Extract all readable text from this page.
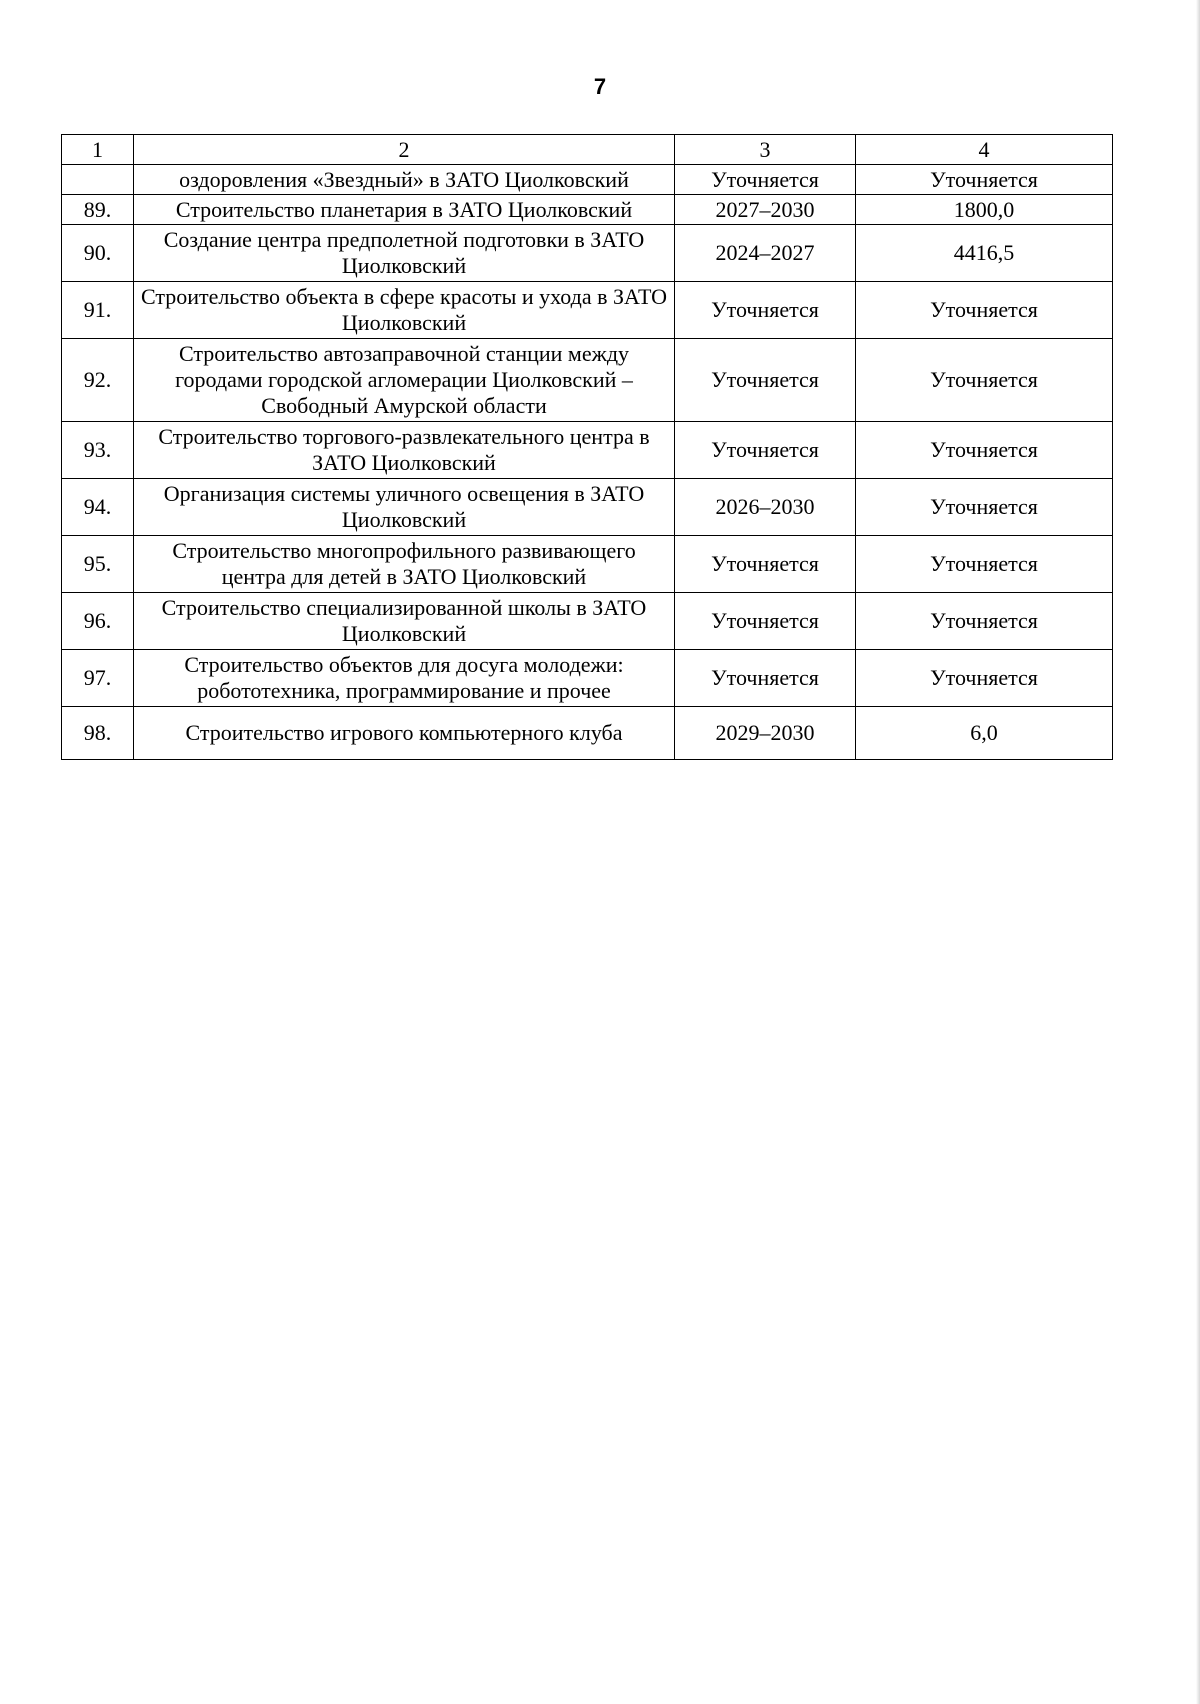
7
1	2	3	4
	оздоровления «Звездный» в ЗАТО Циолковский	Уточняется	Уточняется
89.	Строительство планетария в ЗАТО Циолковский	2027–2030	1800,0
90.	Создание центра предполетной подготовки в ЗАТО Циолковский	2024–2027	4416,5
91.	Строительство объекта в сфере красоты и ухода в ЗАТО Циолковский	Уточняется	Уточняется
92.	Строительство автозаправочной станции между городами городской агломерации Циолковский – Свободный Амурской области	Уточняется	Уточняется
93.	Строительство торгового-развлекательного центра в ЗАТО Циолковский	Уточняется	Уточняется
94.	Организация системы уличного освещения в ЗАТО Циолковский	2026–2030	Уточняется
95.	Строительство многопрофильного развивающего центра для детей в ЗАТО Циолковский	Уточняется	Уточняется
96.	Строительство специализированной школы в ЗАТО Циолковский	Уточняется	Уточняется
97.	Строительство объектов для досуга молодежи: робототехника, программирование и прочее	Уточняется	Уточняется
98.	Строительство игрового компьютерного клуба	2029–2030	6,0
